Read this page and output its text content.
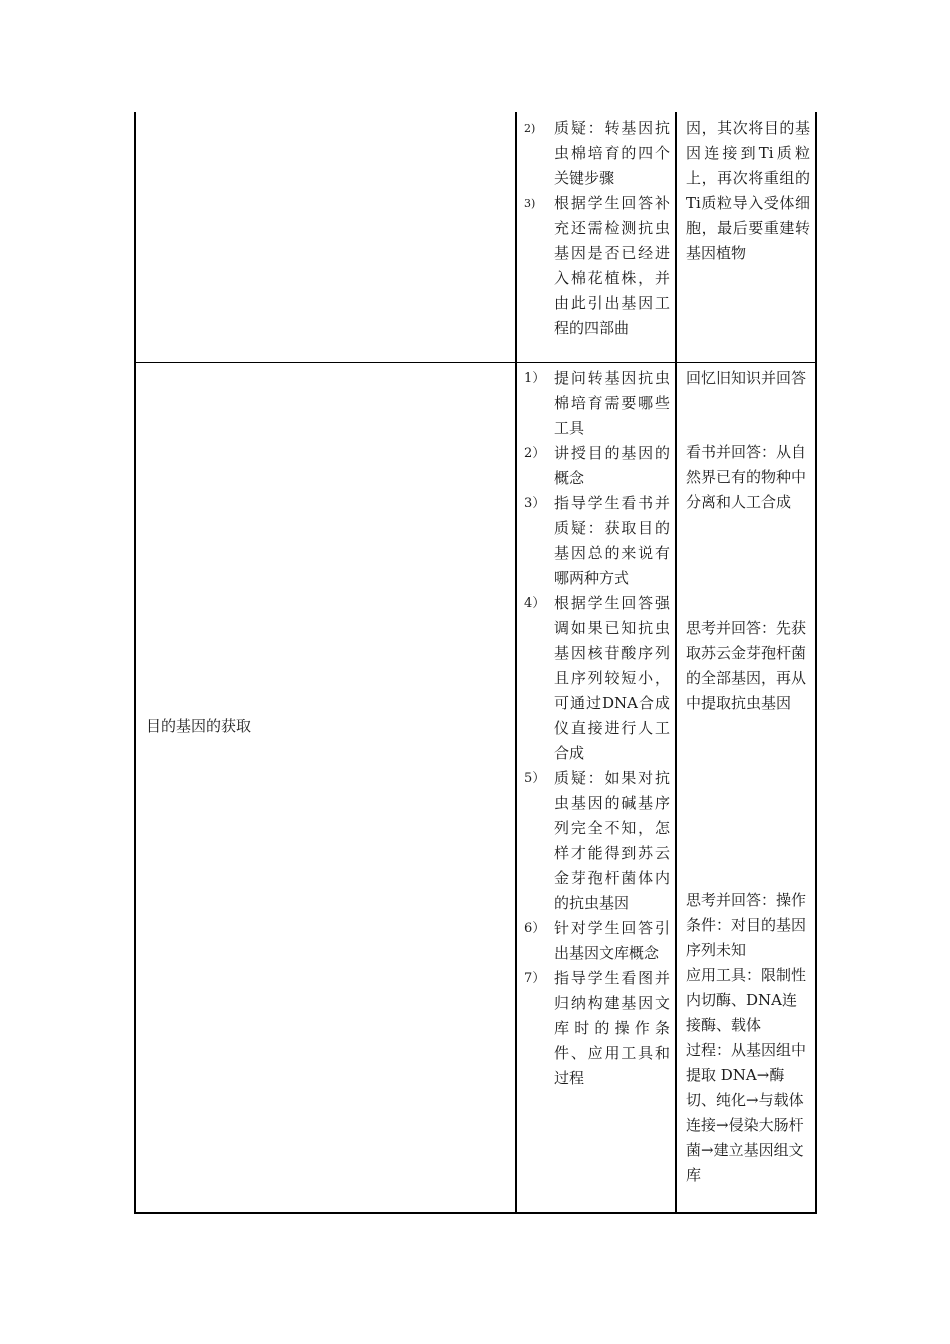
2)	质疑：转基因抗虫棉培育的四个关键步骤
3)	根据学生回答补充还需检测抗虫基因是否已经进入棉花植株，并由此引出基因工程的四部曲
因，其次将目的基因连接到Ti质粒上，再次将重组的Ti质粒导入受体细胞，最后要重建转基因植物
目的基因的获取
1） 提问转基因抗虫棉培育需要哪些工具
2） 讲授目的基因的概念
3） 指导学生看书并质疑：获取目的基因总的来说有哪两种方式
4） 根据学生回答强调如果已知抗虫基因核苷酸序列且序列较短小，可通过DNA合成仪直接进行人工合成
5） 质疑：如果对抗虫基因的碱基序列完全不知，怎样才能得到苏云金芽孢杆菌体内的抗虫基因
6） 针对学生回答引出基因文库概念
7） 指导学生看图并归纳构建基因文库时的操作条件、应用工具和过程
回忆旧知识并回答
看书并回答：从自然界已有的物种中分离和人工合成
思考并回答：先获取苏云金芽孢杆菌的全部基因，再从中提取抗虫基因
思考并回答：操作条件：对目的基因序列未知
应用工具：限制性内切酶、DNA连接酶、载体
过程：从基因组中提取 DNA→酶切、纯化→与载体连接→侵染大肠杆菌→建立基因组文库
